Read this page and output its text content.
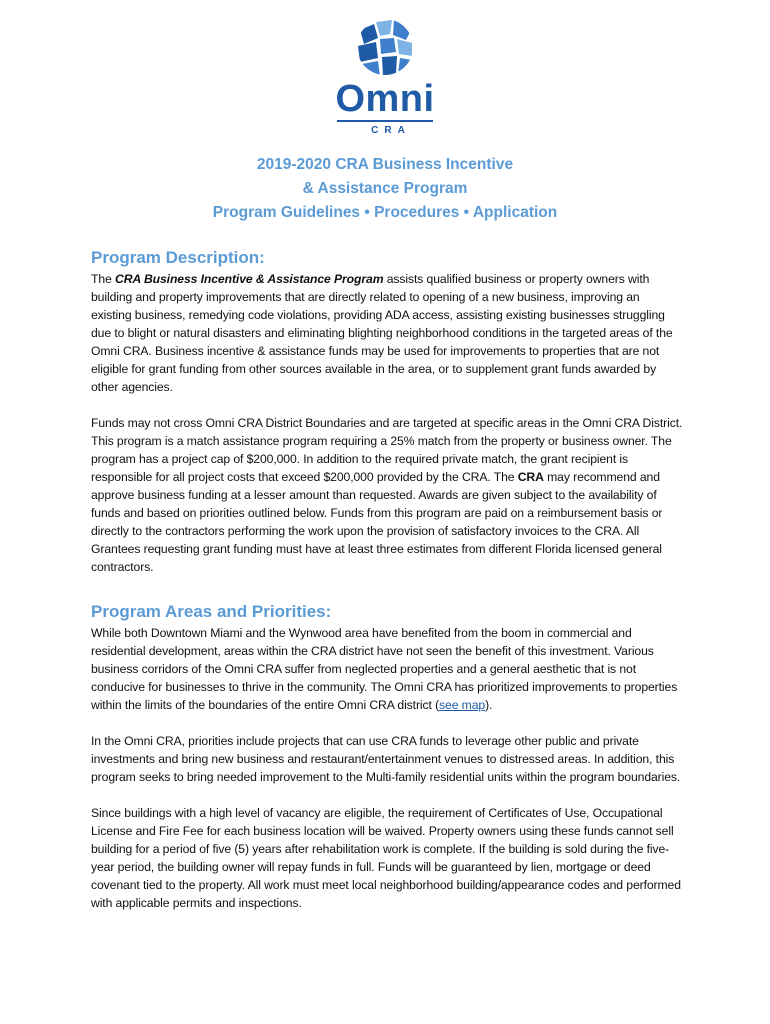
Omni
CRA
2019-2020 CRA Business Incentive
& Assistance Program
Program Guidelines • Procedures • Application
Program Description:

The CRA Business Incentive & Assistance Program assists qualified business or property owners with building and property improvements that are directly related to opening of a new business, improving an existing business, remedying code violations, providing ADA access, assisting existing businesses struggling due to blight or natural disasters and eliminating blighting neighborhood conditions in the targeted areas of the Omni CRA. Business incentive & assistance funds may be used for improvements to properties that are not eligible for grant funding from other sources available in the area, or to supplement grant funds awarded by other agencies.

Funds may not cross Omni CRA District Boundaries and are targeted at specific areas in the Omni CRA District. This program is a match assistance program requiring a 25% match from the property or business owner. The program has a project cap of $200,000. In addition to the required private match, the grant recipient is responsible for all project costs that exceed $200,000 provided by the CRA. The CRA may recommend and approve business funding at a lesser amount than requested. Awards are given subject to the availability of funds and based on priorities outlined below. Funds from this program are paid on a reimbursement basis or directly to the contractors performing the work upon the provision of satisfactory invoices to the CRA. All Grantees requesting grant funding must have at least three estimates from different Florida licensed general contractors.

Program Areas and Priorities:

While both Downtown Miami and the Wynwood area have benefited from the boom in commercial and residential development, areas within the CRA district have not seen the benefit of this investment. Various business corridors of the Omni CRA suffer from neglected properties and a general aesthetic that is not conducive for businesses to thrive in the community. The Omni CRA has prioritized improvements to properties within the limits of the boundaries of the entire Omni CRA district (see map).

In the Omni CRA, priorities include projects that can use CRA funds to leverage other public and private investments and bring new business and restaurant/entertainment venues to distressed areas. In addition, this program seeks to bring needed improvement to the Multi-family residential units within the program boundaries.

Since buildings with a high level of vacancy are eligible, the requirement of Certificates of Use, Occupational License and Fire Fee for each business location will be waived. Property owners using these funds cannot sell building for a period of five (5) years after rehabilitation work is complete. If the building is sold during the five-year period, the building owner will repay funds in full. Funds will be guaranteed by lien, mortgage or deed covenant tied to the property. All work must meet local neighborhood building/appearance codes and performed with applicable permits and inspections.
